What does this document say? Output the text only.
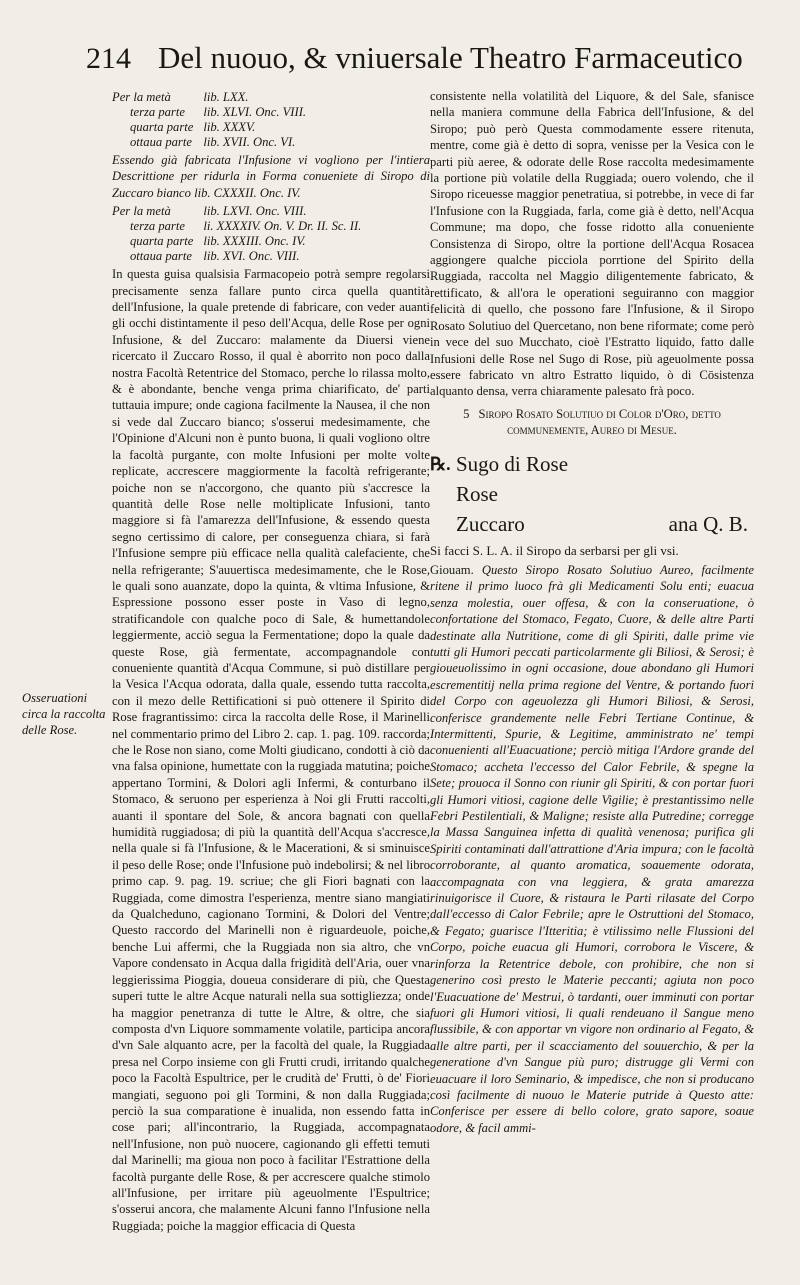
214 Del nuouo, & vniuersale Theatro Farmaceutico
Osseruationi circa la raccolta delle Rose.
Per la metà	lib. LXX.
terza parte	lib. XLVI. Onc. VIII.
quarta parte	lib. XXXV.
ottaua parte	lib. XVII. Onc. VI.

Essendo già fabricata l'Infusione vi vogliono per l'intiera Descrittione per ridurla in Forma conueniete di Siropo di Zuccaro bianco lib. CXXXII. Onc. IV.

Per la metà	lib. LXVI. Onc. VIII.
terza parte	li. XXXXIV. On. V. Dr. II. Sc. II.
quarta parte	lib. XXXIII. Onc. IV.
ottaua parte	lib. XVI. Onc. VIII.

In questa guisa qualsisia Farmacopeio potrà sempre regolarsi precisamente senza fallare punto circa quella quantità dell'Infusione, la quale pretende di fabricare, con veder auanti gli occhi distintamente il peso dell'Acqua, delle Rose per ogni Infusione, & del Zuccaro: malamente da Diuersi viene ricercato il Zuccaro Rosso, il qual è aborrito non poco dalla nostra Facoltà Retentrice del Stomaco, perche lo rilassa molto, & è abondante, benche venga prima chiarificato, de' parti tuttauia impure; onde cagiona facilmente la Nausea, il che non si vede dal Zuccaro bianco; s'osserui medesimamente, che l'Opinione d'Alcuni non è punto buona, li quali vogliono oltre la facoltà purgante, con molte Infusioni per molte volte replicate, accrescere maggiormente la facoltà refrigerante; poiche non se n'accorgono, che quanto più s'accresce la quantità delle Rose nelle moltiplicate Infusioni, tanto maggiore si fà l'amarezza dell'Infusione, & essendo questa segno certissimo di calore, per conseguenza chiara, si farà l'Infusione sempre più efficace nella qualità calefaciente, che nella refrigerante; S'auuertisca medesimamente, che le Rose, le quali sono auanzate, dopo la quinta, & vltima Infusione, & Espressione possono esser poste in Vaso di legno, stratificandole con qualche poco di Sale, & humettandole leggiermente, acciò segua la Fermentatione; dopo la quale da queste Rose, già fermentate, accompagnandole con conueniente quantità d'Acqua Commune, si può distillare per la Vesica l'Acqua odorata, dalla quale, essendo tutta raccolta, con il mezo delle Rettificationi si può ottenere il Spirito di Rose fragrantissimo: circa la raccolta delle Rose, il Marinelli nel commentario primo del Libro 2. cap. 1. pag. 109. raccorda; che le Rose non siano, come Molti giudicano, condotti à ciò da vna falsa opinione, humettate con la ruggiada matutina; poiche appertano Tormini, & Dolori agli Infermi, & conturbano il Stomaco, & seruono per esperienza à Noi gli Frutti raccolti, auanti il spontare del Sole, & ancora bagnati con quella humidità ruggiadosa; di più la quantità dell'Acqua s'accresce, nella quale si fà l'Infusione, & le Macerationi, & si sminuisce il peso delle Rose; onde l'Infusione può indebolirsi; & nel libro primo cap. 9. pag. 19. scriue; che gli Fiori bagnati con la Ruggiada, come dimostra l'esperienza, mentre siano mangiati da Qualcheduno, cagionano Tormini, & Dolori del Ventre; Questo raccordo del Marinelli non è riguardeuole, poiche, benche Lui affermi, che la Ruggiada non sia altro, che vn Vapore condensato in Acqua dalla frigidità dell'Aria, ouer vna leggierissima Pioggia, doueua considerare di più, che Questa superi tutte le altre Acque naturali nella sua sottigliezza; onde ha maggior penetranza di tutte le Altre, & oltre, che sia composta d'vn Liquore sommamente volatile, participa ancora d'vn Sale alquanto acre, per la facoltà del quale, la Ruggiada presa nel Corpo insieme con gli Frutti crudi, irritando qualche poco la Facoltà Espultrice, per le crudità de' Frutti, ò de' Fiori mangiati, seguono poi gli Tormini, & non dalla Ruggiada; perciò la sua comparatione è inualida, non essendo fatta in cose pari; all'incontrario, la Ruggiada, accompagnata nell'Infusione, non può nuocere, cagionando gli effetti temuti dal Marinelli; ma gioua non poco à facilitar l'Estrattione della facoltà purgante delle Rose, & per accrescere qualche stimolo all'Infusione, per irritare più ageuolmente l'Espultrice; s'osserui ancora, che malamente Alcuni fanno l'Infusione nella Ruggiada; poiche la maggior efficacia di Questa

consistente nella volatilità del Liquore, & del Sale, sfanisce nella maniera commune della Fabrica dell'Infusione, & del Siropo; può però Questa commodamente essere ritenuta, mentre, come già è detto di sopra, venisse per la Vesica con le parti più aeree, & odorate delle Rose raccolta medesimamente la portione più volatile della Ruggiada; ouero volendo, che il Siropo riceuesse maggior penetratiua, si potrebbe, in vece di far l'Infusione con la Ruggiada, farla, come già è detto, nell'Acqua Commune; ma dopo, che fosse ridotto alla conueniente Consistenza di Siropo, oltre la portione dell'Acqua Rosacea aggiongere qualche picciola porrtione del Spirito della Ruggiada, raccolta nel Maggio diligentemente fabricato, & rettificato, & all'ora le operationi seguiranno con maggior felicità di quello, che possono fare l'Infusione, & il Siropo Rosato Solutiuo del Quercetano, non bene riformate; come però in vece del suo Mucchato, cioè l'Estratto liquido, fatto dalle Infusioni delle Rose nel Sugo di Rose, più ageuolmente possa essere fabricato vn altro Estratto liquido, ò di Cōsistenza alquanto densa, verra chiaramente palesato frà poco.

5 Siropo Rosato Solutiuo di Color d'Oro, detto communemente, Aureo di Mesue.
℞. Sugo di Rose
Rose
Zuccaro	ana Q. B.

Si facci S. L. A. il Siropo da serbarsi per gli vsi.

Giouam. Questo Siropo Rosato Solutiuo Aureo, facilmente ritene il primo luoco frà gli Medicamenti Solu enti; euacua senza molestia, ouer offesa, & con la conseruatione, ò confortatione del Stomaco, Fegato, Cuore, & delle altre Parti destinate alla Nutritione, come di gli Spiriti, dalle prime vie tutti gli Humori peccati particolarmente gli Biliosi, & Serosi; è gioueuolissimo in ogni occasione, doue abondano gli Humori escrementitij nella prima regione del Ventre, & portando fuori del Corpo con ageuolezza gli Humori Biliosi, & Serosi, conferisce grandemente nelle Febri Tertiane Continue, & Intermittenti, Spurie, & Legitime, amministrato ne' tempi conuenienti all'Euacuatione; perciò mitiga l'Ardore grande del Stomaco; accheta l'eccesso del Calor Febrile, & spegne la Sete; prouoca il Sonno con riunir gli Spiriti, & con portar fuori gli Humori vitiosi, cagione delle Vigilie; è prestantissimo nelle Febri Pestilentiali, & Maligne; resiste alla Putredine; corregge la Massa Sanguinea infetta di qualità venenosa; purifica gli Spiriti contaminati dall'attrattione d'Aria impura; con le facoltà corroborante, al quanto aromatica, soauemente odorata, accompagnata con vna leggiera, & grata amarezza rinuigorisce il Cuore, & ristaura le Parti rilasate del Corpo dall'eccesso di Calor Febrile; apre le Ostruttioni del Stomaco, & Fegato; guarisce l'Itteritia; è vtilissimo nelle Flussioni del Corpo, poiche euacua gli Humori, corrobora le Viscere, & rinforza la Retentrice debole, con prohibire, che non si generino così presto le Materie peccanti; agiuta non poco l'Euacuatione de' Mestrui, ò tardanti, ouer imminuti con portar fuori gli Humori vitiosi, li quali rendeuano il Sangue meno flussibile, & con apportar vn vigore non ordinario al Fegato, & alle altre parti, per il scacciamento del souuerchio, & per la generatione d'vn Sangue più puro; distrugge gli Vermi con euacuare il loro Seminario, & impedisce, che non si producano così facilmente di nuouo le Materie putride à Questo atte: Conferisce per essere di bello colore, grato sapore, soaue odore, & facil ammi-
